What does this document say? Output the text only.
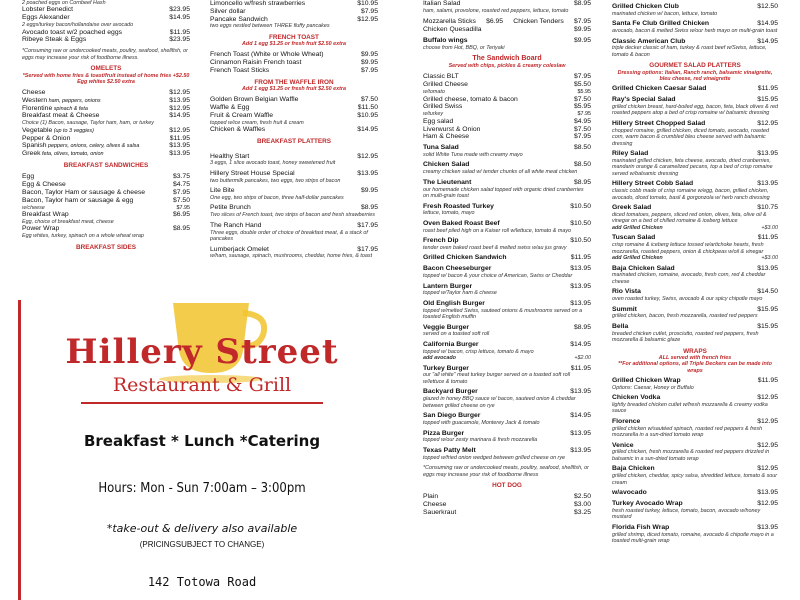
2 poached eggs on Cornbeef Hash
Lobster Benedict	$23.95
Eggs Alexander	$14.95
2 eggs/turkey bacon/hollandaise over avocado
Avocado toast w/2 poached eggs	$11.95
Ribeye Steak & Eggs	$23.95
*Consuming raw or undercooked meats, poultry, seafood, shellfish, or eggs may increase your risk of foodborne illness.
OMELETS
*Served with home fries & toast/fruit instead of home fries +$2.50
Egg whites $2.50 extra
Cheese	$12.95
Western ham, peppers, onions	$13.95
Florentine spinach & feta	$12.95
Breakfast meat & Cheese	$14.95
Choice (1) Bacon, sausage, Taylor ham, ham, or turkey
Vegetable (up to 3 veggies)	$12.95
Pepper & Onion	$11.95
Spanish peppers, onions, celery, olives & salsa	$13.95
Greek feta, olives, tomato, onion	$13.95
BREAKFAST SANDWICHES
Egg	$3.75
Egg & Cheese	$4.75
Bacon, Taylor Ham or sausage & cheese	$7.95
Bacon, Taylor ham or sausage & egg	$7.50
w/cheese	$7.95
Breakfast Wrap	$6.95
Egg, choice of breakfast meat, cheese
Power Wrap	$8.95
Egg whites, turkey, spinach on a whole wheat wrap
BREAKFAST SIDES
Limoncello w/fresh strawberries	$10.95
Silver dollar	$7.95
Pancake Sandwich	$12.95
two eggs nestled between THREE fluffy pancakes
FRENCH TOAST
Add 1 egg $1.25 or fresh fruit $2.50 extra
French Toast (White or Whole Wheat)	$9.95
Cinnamon Raisin French toast	$9.95
French Toast Sticks	$7.95
FROM THE WAFFLE IRON
Add 1 egg $1.25 or fresh fruit $2.50 extra
Golden Brown Belgian Waffle	$7.50
Waffle & Egg	$11.50
Fruit & Cream Waffle	$10.95
topped w/ice cream, fresh fruit & cream
Chicken & Waffles	$14.95
BREAKFAST PLATTERS
Healthy Start	$12.95
3 eggs, 1 slice avocado toast, honey sweetened fruit
Hillery Street House Special	$13.95
two buttermilk pancakes, two eggs, two strips of bacon
Lite Bite	$9.95
One egg, two strips of bacon, three half-dollar pancakes
Petite Brunch	$8.95
Two slices of French toast, two strips of bacon and fresh strawberries
The Ranch Hand	$17.95
Three eggs, double order of choice of breakfast meat, & a stack of pancakes
Lumberjack Omelet	$17.95
w/ham, sausage, spinach, mushrooms, cheddar, home fries, & toast
Italian Salad	$8.95
ham, salami, provolone, roasted red peppers, lettuce, tomato
Mozzarella Sticks $6.95 Chicken Tenders $7.95
Chicken Quesadilla	$9.95
Buffalo wings	$9.95
choose from Hot, BBQ, or Teriyaki
The Sandwich Board
Served with chips, pickles & creamy coleslaw
Classic BLT	$7.95
Grilled Cheese	$5.50
w/tomato	$5.95
Grilled cheese, tomato & bacon	$7.50
Grilled Swiss	$5.95
w/turkey	$7.95
Egg salad	$4.95
Liverwurst & Onion	$7.50
Ham & Cheese	$7.95
Tuna Salad	$8.50
solid White Tuna made with creamy mayo
Chicken Salad	$8.50
creamy chicken salad w/ tender chunks of all white meat chicken
The Lieutenant	$8.95
our homemade chicken salad topped with organic dried cranberries on multi-grain toast
Fresh Roasted Turkey	$10.50
lettuce, tomato, mayo
Oven Baked Roast Beef	$10.50
roast beef piled high on a Kaiser roll w/lettuce, tomato & mayo
French Dip	$10.50
tender oven baked roast beef & melted swiss w/au jus gravy
Grilled Chicken Sandwich	$11.95
Bacon Cheeseburger	$13.95
topped w/ bacon & your choice of American, Swiss or Cheddar
Lantern Burger	$13.95
topped w/Taylor ham & cheese
Old English Burger	$13.95
topped w/melted Swiss, sauteed onions & mushrooms served on a toasted English muffin
Veggie Burger	$8.95
served on a toasted soft roll
California Burger	$14.95
topped w/ bacon, crisp lettuce, tomato & mayo
add avocado	+$2.00
Turkey Burger	$11.95
our "all white" meat turkey burger served on a toasted soft roll w/lettuce & tomato
Backyard Burger	$13.95
glazed in honey BBQ sauce w/ bacon, sauteed onion & cheddar between grilled cheese on rye
San Diego Burger	$14.95
topped with guacamole, Monterey Jack & tomato
Pizza Burger	$13.95
topped w/our zesty marinara & fresh mozzarella
Texas Patty Melt	$13.95
topped w/fried onion wedged between grilled cheese on rye
*Consuming raw or undercooked meats, poultry, seafood, shellfish, or eggs may increase your risk of foodborne illness
HOT DOG
Plain	$2.50
Cheese	$3.00
Sauerkraut	$3.25
Grilled Chicken Club	$12.50
marinated chicken w/ bacon, lettuce, tomato
Santa Fe Club Grilled Chicken	$14.95
avocado, bacon & melted Swiss w/our herb mayo on multi-grain toast
Classic American Club	$14.95
triple decker classic of ham, turkey & roast beef w/Swiss, lettuce, tomato & bacon
GOURMET SALAD PLATTERS
Dressing options: Italian, Ranch ranch, balsamic vinaigrette, bleu cheese, red vinaigrette
Grilled Chicken Caesar Salad	$11.95
Ray's Special Salad	$15.95
grilled chicken breast, hard-boiled egg, bacon, feta, black olives & red roasted peppers atop a bed of crisp romaine w/ balsamic dressing
Hillery Street Chopped Salad	$12.95
chopped romaine, grilled chicken, diced tomato, avocado, roasted corn, warm bacon & crumbled bleu cheese served with balsamic dressing
Riley Salad	$13.95
marinated grilled chicken, feta cheese, avocado, dried cranberries, mandarin orange & caramelized pecans, top a bed of crisp romaine served w/balsamic dressing
Hillery Street Cobb Salad	$13.95
classic cobb made of crisp romaine w/egg, bacon, grilled chicken, avocado, diced tomato, basil & gorgonzola w/ herb ranch dressing
Greek Salad	$10.75
diced tomatoes, peppers, sliced red onion, olives, feta, olive oil & vinegar on a bed of chilled romaine & iceberg lettuce
add Grilled Chicken	+$3.00
Tuscan Salad	$11.95
crisp romaine & iceberg lettuce tossed w/artichoke hearts, fresh mozzarella, roasted peppers, onion & chickpeas w/oil & vinegar
add Grilled Chicken	+$3.00
Baja Chicken Salad	$13.95
marinated chicken, romaine, avocado, fresh corn, red & cheddar cheese
Rio Vista	$14.50
oven roasted turkey, Swiss, avocado & our spicy chipotle mayo
Summit	$15.95
grilled chicken, bacon, fresh mozzarella, roasted red peppers
Bella	$15.95
breaded chicken cutlet, prosciutto, roasted red peppers, fresh mozzarella & balsamic glaze
WRAPS
ALL served with french fries
**For additional options, all Triple Deckers can be made into wraps
Grilled Chicken Wrap	$11.95
Options: Caesar, Honey or Buffalo
Chicken Vodka	$12.95
lightly breaded chicken cutlet w/fresh mozzarella & creamy vodka sauce
Florence	$12.95
grilled chicken w/sautéed spinach, roasted red peppers & fresh mozzarella in a sun-dried tomato wrap
Venice	$12.95
grilled chicken, fresh mozzarella & roasted red peppers drizzled in balsamic in a sun-dried tomato wrap
Baja Chicken	$12.95
grilled chicken, cheddar, spicy salsa, shredded lettuce, tomato & sour cream
w/avocado	$13.95
Turkey Avocado Wrap	$12.95
fresh roasted turkey, lettuce, tomato, bacon, avocado w/honey mustard
Florida Fish Wrap	$13.95
grilled shrimp, diced tomato, romaine, avocado & chipotle mayo in a toasted multi-grain wrap
Hillery Street
Restaurant & Grill
Breakfast * Lunch *Catering
Hours: Mon - Sun 7:00am – 3:00pm
*take-out & delivery also available
(PRICINGSUBJECT TO CHANGE)
142 Totowa Road
